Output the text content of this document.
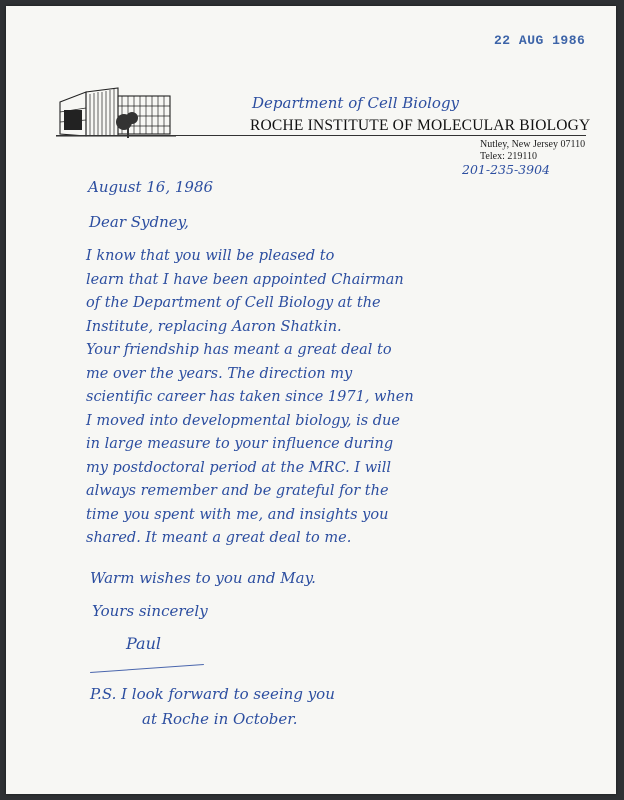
22 AUG 1986
Department of Cell Biology
ROCHE INSTITUTE OF MOLECULAR BIOLOGY
Nutley, New Jersey 07110
Telex: 219110
201-235-3904
August 16, 1986
Dear Sydney,
I know that you will be pleased to
learn that I have been appointed Chairman
of the Department of Cell Biology at the
Institute, replacing Aaron Shatkin.
Your friendship has meant a great deal to
me over the years. The direction my
scientific career has taken since 1971, when
I moved into developmental biology, is due
in large measure to your influence during
my postdoctoral period at the MRC. I will
always remember and be grateful for the
time you spent with me, and insights you
shared. It meant a great deal to me.
Warm wishes to you and May.
Yours sincerely
Paul
P.S. I look forward to seeing you
at Roche in October.
